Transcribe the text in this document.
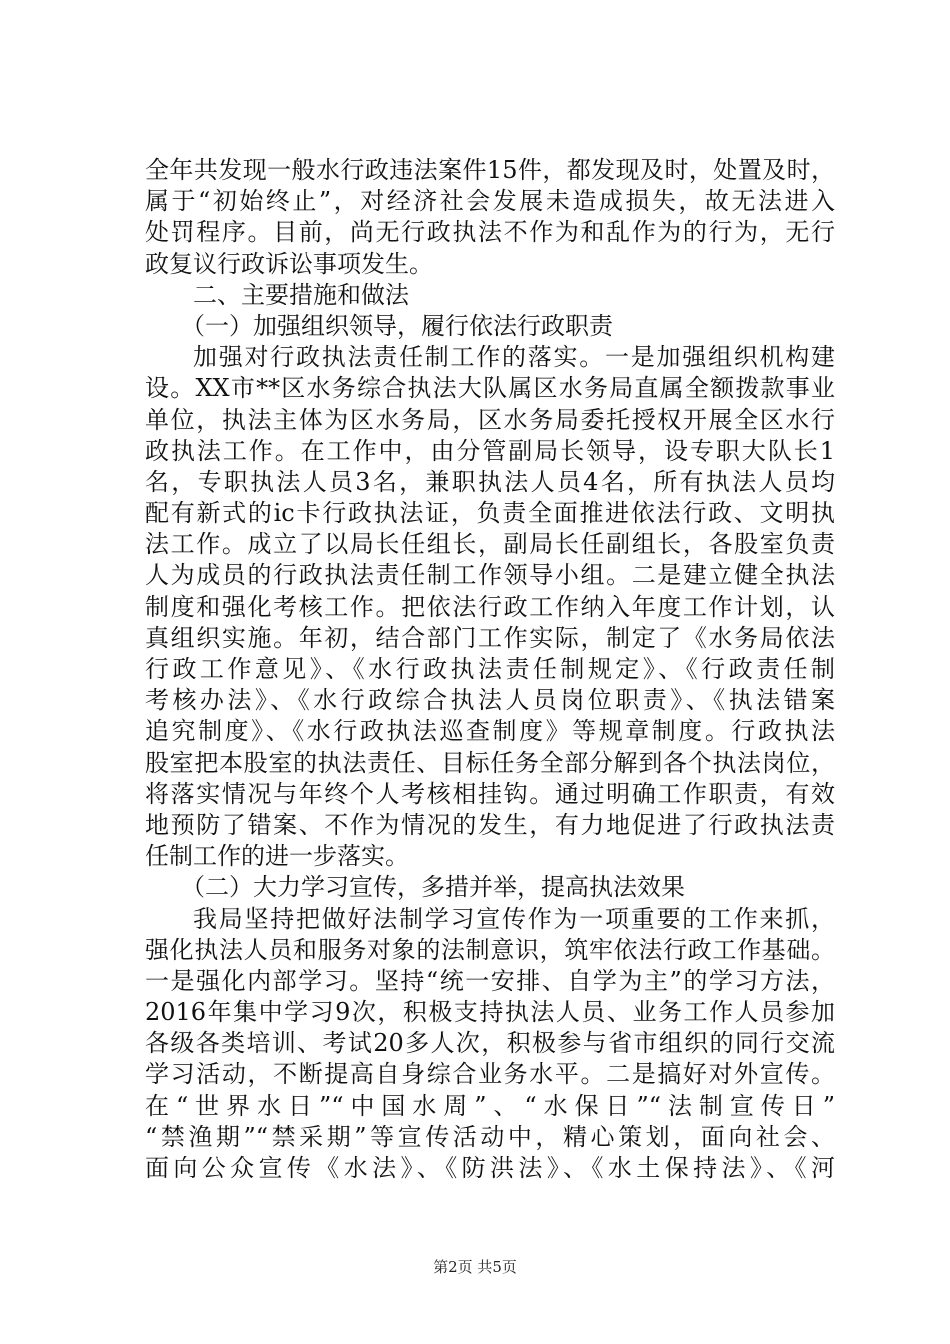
全年共发现一般水行政违法案件15件，都发现及时，处置及时，
属于“初始终止”，对经济社会发展未造成损失，故无法进入
处罚程序。目前，尚无行政执法不作为和乱作为的行为，无行
政复议行政诉讼事项发生。
二、主要措施和做法
（一）加强组织领导，履行依法行政职责
加强对行政执法责任制工作的落实。一是加强组织机构建
设。XX市**区水务综合执法大队属区水务局直属全额拨款事业
单位，执法主体为区水务局，区水务局委托授权开展全区水行
政执法工作。在工作中，由分管副局长领导，设专职大队长1
名，专职执法人员3名，兼职执法人员4名，所有执法人员均
配有新式的ic卡行政执法证，负责全面推进依法行政、文明执
法工作。成立了以局长任组长，副局长任副组长，各股室负责
人为成员的行政执法责任制工作领导小组。二是建立健全执法
制度和强化考核工作。把依法行政工作纳入年度工作计划，认
真组织实施。年初，结合部门工作实际，制定了《水务局依法
行政工作意见》、《水行政执法责任制规定》、《行政责任制
考核办法》、《水行政综合执法人员岗位职责》、《执法错案
追究制度》、《水行政执法巡查制度》等规章制度。行政执法
股室把本股室的执法责任、目标任务全部分解到各个执法岗位，
将落实情况与年终个人考核相挂钩。通过明确工作职责，有效
地预防了错案、不作为情况的发生，有力地促进了行政执法责
任制工作的进一步落实。
（二）大力学习宣传，多措并举，提高执法效果
我局坚持把做好法制学习宣传作为一项重要的工作来抓，
强化执法人员和服务对象的法制意识，筑牢依法行政工作基础。
一是强化内部学习。坚持“统一安排、自学为主”的学习方法，
2016年集中学习9次，积极支持执法人员、业务工作人员参加
各级各类培训、考试20多人次，积极参与省市组织的同行交流
学习活动，不断提高自身综合业务水平。二是搞好对外宣传。
在“世界水日”“中国水周”、“水保日”“法制宣传日”
“禁渔期”“禁采期”等宣传活动中，精心策划，面向社会、
面向公众宣传《水法》、《防洪法》、《水土保持法》、《河
第2页 共5页
